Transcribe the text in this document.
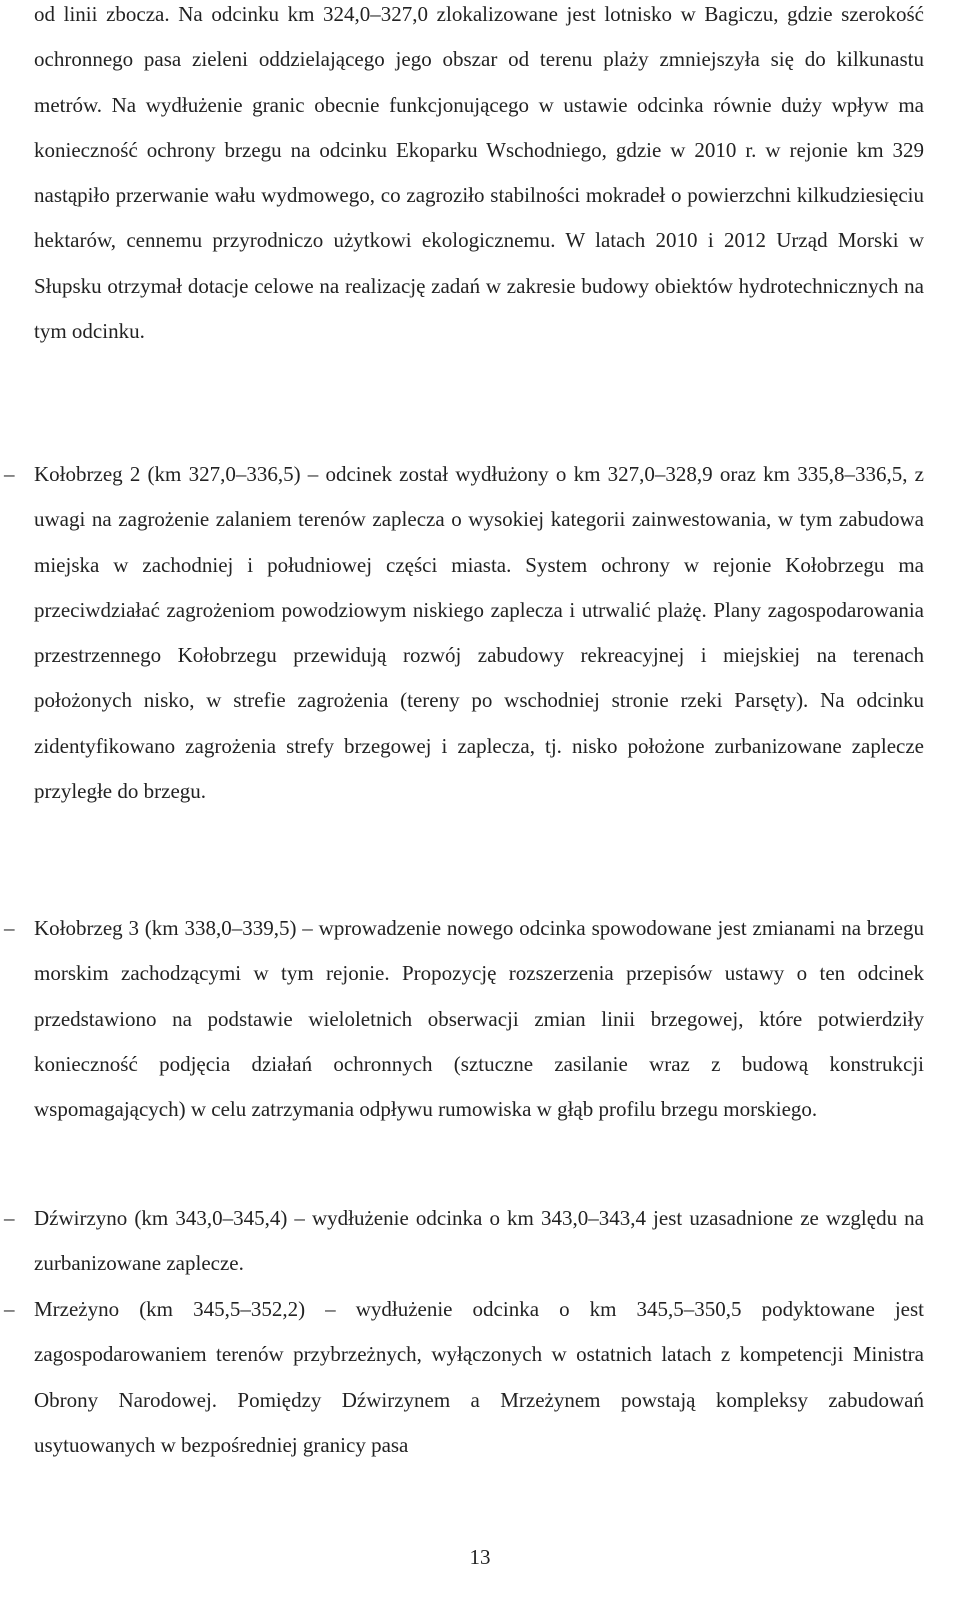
od linii zbocza. Na odcinku km 324,0–327,0 zlokalizowane jest lotnisko w Bagiczu, gdzie szerokość ochronnego pasa zieleni oddzielającego jego obszar od terenu plaży zmniejszyła się do kilkunastu metrów. Na wydłużenie granic obecnie funkcjonującego w ustawie odcinka równie duży wpływ ma konieczność ochrony brzegu na odcinku Ekoparku Wschodniego, gdzie w 2010 r. w rejonie km 329 nastąpiło przerwanie wału wydmowego, co zagroziło stabilności mokradeł o powierzchni kilkudziesięciu hektarów, cennemu przyrodniczo użytkowi ekologicznemu. W latach 2010 i 2012 Urząd Morski w Słupsku otrzymał dotacje celowe na realizację zadań w zakresie budowy obiektów hydrotechnicznych na tym odcinku.

– Kołobrzeg 2 (km 327,0–336,5) – odcinek został wydłużony o km 327,0–328,9 oraz km 335,8–336,5, z uwagi na zagrożenie zalaniem terenów zaplecza o wysokiej kategorii zainwestowania, w tym zabudowa miejska w zachodniej i południowej części miasta. System ochrony w rejonie Kołobrzegu ma przeciwdziałać zagrożeniom powodziowym niskiego zaplecza i utrwalić plażę. Plany zagospodarowania przestrzennego Kołobrzegu przewidują rozwój zabudowy rekreacyjnej i miejskiej na terenach położonych nisko, w strefie zagrożenia (tereny po wschodniej stronie rzeki Parsęty). Na odcinku zidentyfikowano zagrożenia strefy brzegowej i zaplecza, tj. nisko położone zurbanizowane zaplecze przyległe do brzegu.
– Kołobrzeg 3 (km 338,0–339,5) – wprowadzenie nowego odcinka spowodowane jest zmianami na brzegu morskim zachodzącymi w tym rejonie. Propozycję rozszerzenia przepisów ustawy o ten odcinek przedstawiono na podstawie wieloletnich obserwacji zmian linii brzegowej, które potwierdziły konieczność podjęcia działań ochronnych (sztuczne zasilanie wraz z budową konstrukcji wspomagających) w celu zatrzymania odpływu rumowiska w głąb profilu brzegu morskiego.
– Dźwirzyno (km 343,0–345,4) – wydłużenie odcinka o km 343,0–343,4 jest uzasadnione ze względu na zurbanizowane zaplecze.
– Mrzeżyno (km 345,5–352,2) – wydłużenie odcinka o km 345,5–350,5 podyktowane jest zagospodarowaniem terenów przybrzeżnych, wyłączonych w ostatnich latach z kompetencji Ministra Obrony Narodowej. Pomiędzy Dźwirzynem a Mrzeżynem powstają kompleksy zabudowań usytuowanych w bezpośredniej granicy pasa
13
